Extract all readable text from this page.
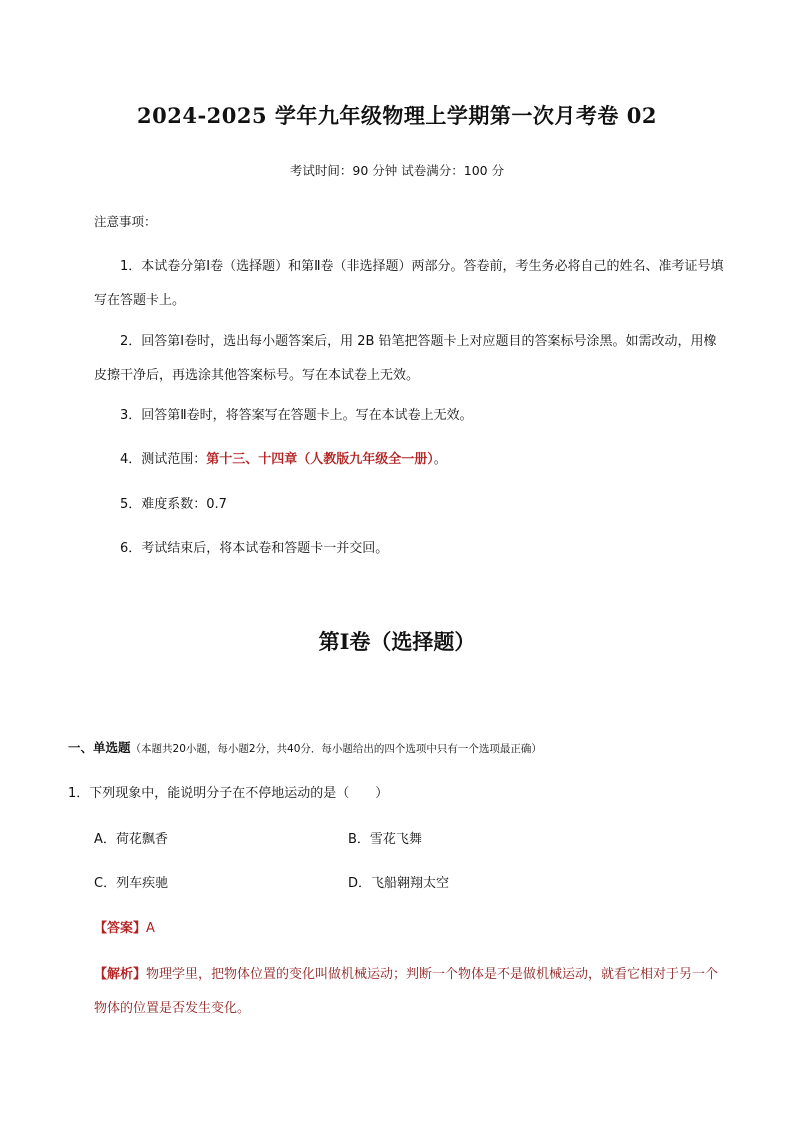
2024-2025 学年九年级物理上学期第一次月考卷 02
考试时间：90 分钟 试卷满分：100 分
注意事项：
1．本试卷分第Ⅰ卷（选择题）和第Ⅱ卷（非选择题）两部分。答卷前，考生务必将自己的姓名、准考证号填写在答题卡上。
2．回答第Ⅰ卷时，选出每小题答案后，用 2B 铅笔把答题卡上对应题目的答案标号涂黑。如需改动，用橡皮擦干净后，再选涂其他答案标号。写在本试卷上无效。
3．回答第Ⅱ卷时，将答案写在答题卡上。写在本试卷上无效。
4．测试范围：第十三、十四章（人教版九年级全一册）。
5．难度系数：0.7
6．考试结束后，将本试卷和答题卡一并交回。
第Ⅰ卷（选择题）
一、单选题（本题共20小题，每小题2分，共40分．每小题给出的四个选项中只有一个选项最正确）
1．下列现象中，能说明分子在不停地运动的是（　　）
A．荷花飘香	B．雪花飞舞
C．列车疾驰	D．飞船翱翔太空
【答案】A
【解析】物理学里，把物体位置的变化叫做机械运动；判断一个物体是不是做机械运动，就看它相对于另一个物体的位置是否发生变化。
